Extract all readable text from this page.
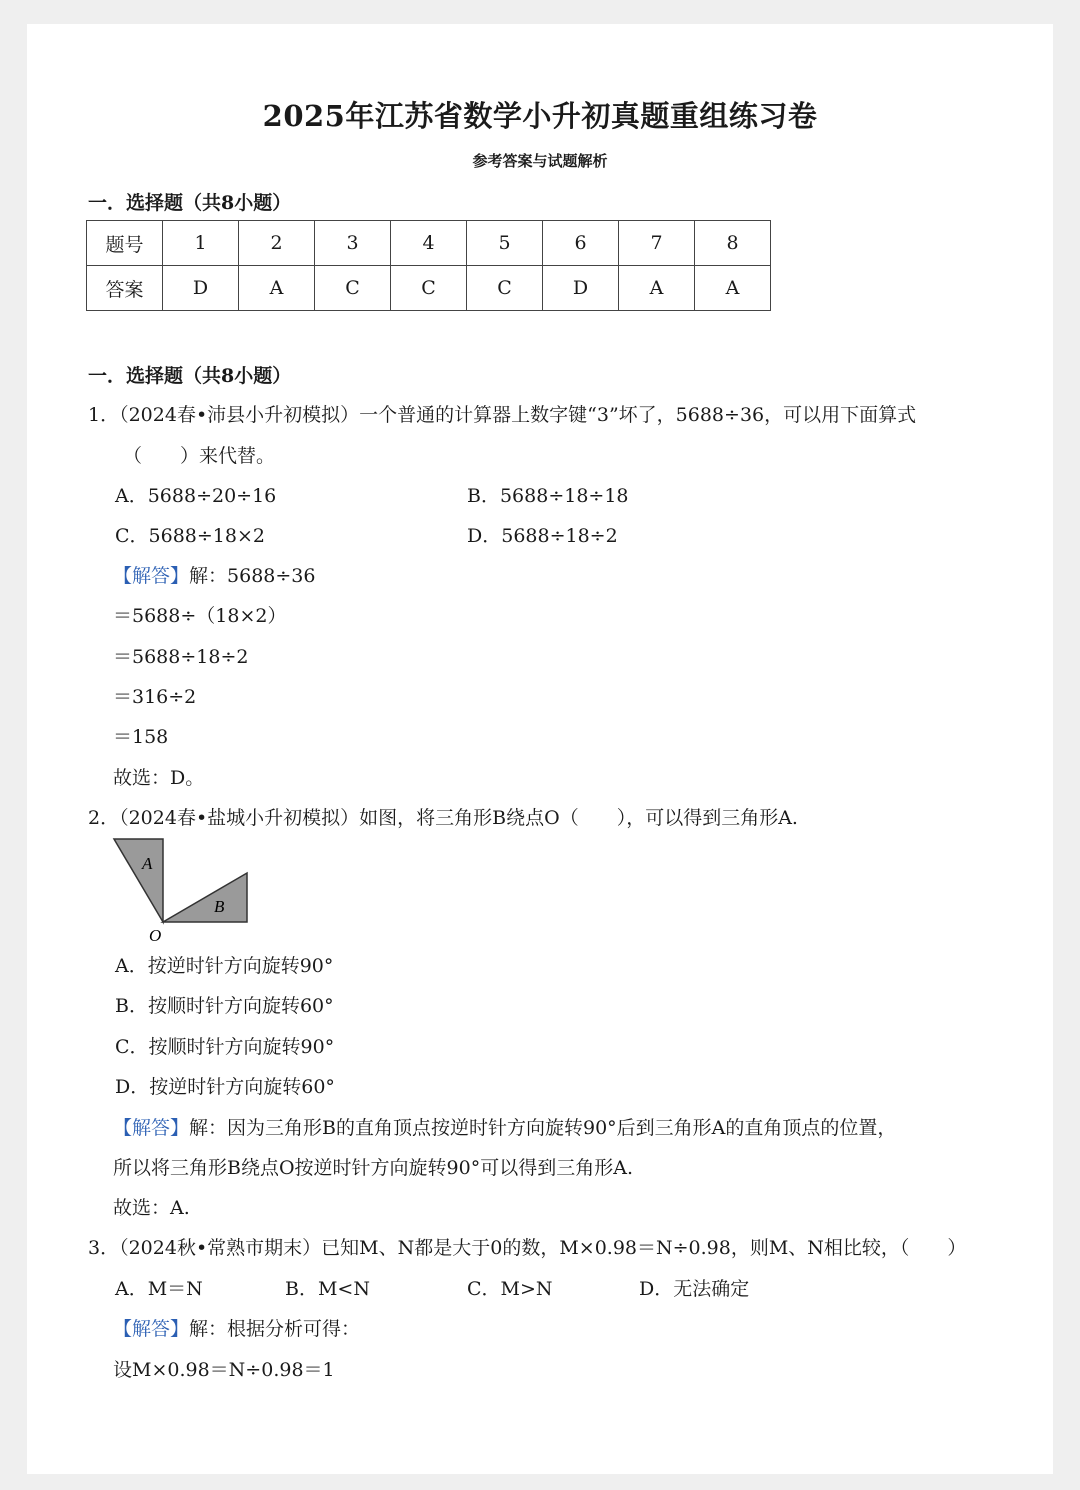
2025年江苏省数学小升初真题重组练习卷
参考答案与试题解析
一．选择题（共8小题）
题号	1	2	3	4	5	6	7	8
答案	D	A	C	C	C	D	A	A
一．选择题（共8小题）
1．（2024春•沛县小升初模拟）一个普通的计算器上数字键“3”坏了，5688÷36，可以用下面算式
（　　）来代替。
A．5688÷20÷16	B．5688÷18÷18
C．5688÷18×2	D．5688÷18÷2
【解答】解：5688÷36
＝5688÷（18×2）
＝5688÷18÷2
＝316÷2
＝158
故选：D。
2．（2024春•盐城小升初模拟）如图，将三角形B绕点O（　　），可以得到三角形A.
A
B
O
A．按逆时针方向旋转90°
B．按顺时针方向旋转60°
C．按顺时针方向旋转90°
D．按逆时针方向旋转60°
【解答】解：因为三角形B的直角顶点按逆时针方向旋转90°后到三角形A的直角顶点的位置，
所以将三角形B绕点O按逆时针方向旋转90°可以得到三角形A.
故选：A.
3．（2024秋•常熟市期末）已知M、N都是大于0的数，M×0.98＝N÷0.98，则M、N相比较，（　　）
A．M＝N	B．M<N	C．M>N	D．无法确定
【解答】解：根据分析可得：
设M×0.98＝N÷0.98＝1
